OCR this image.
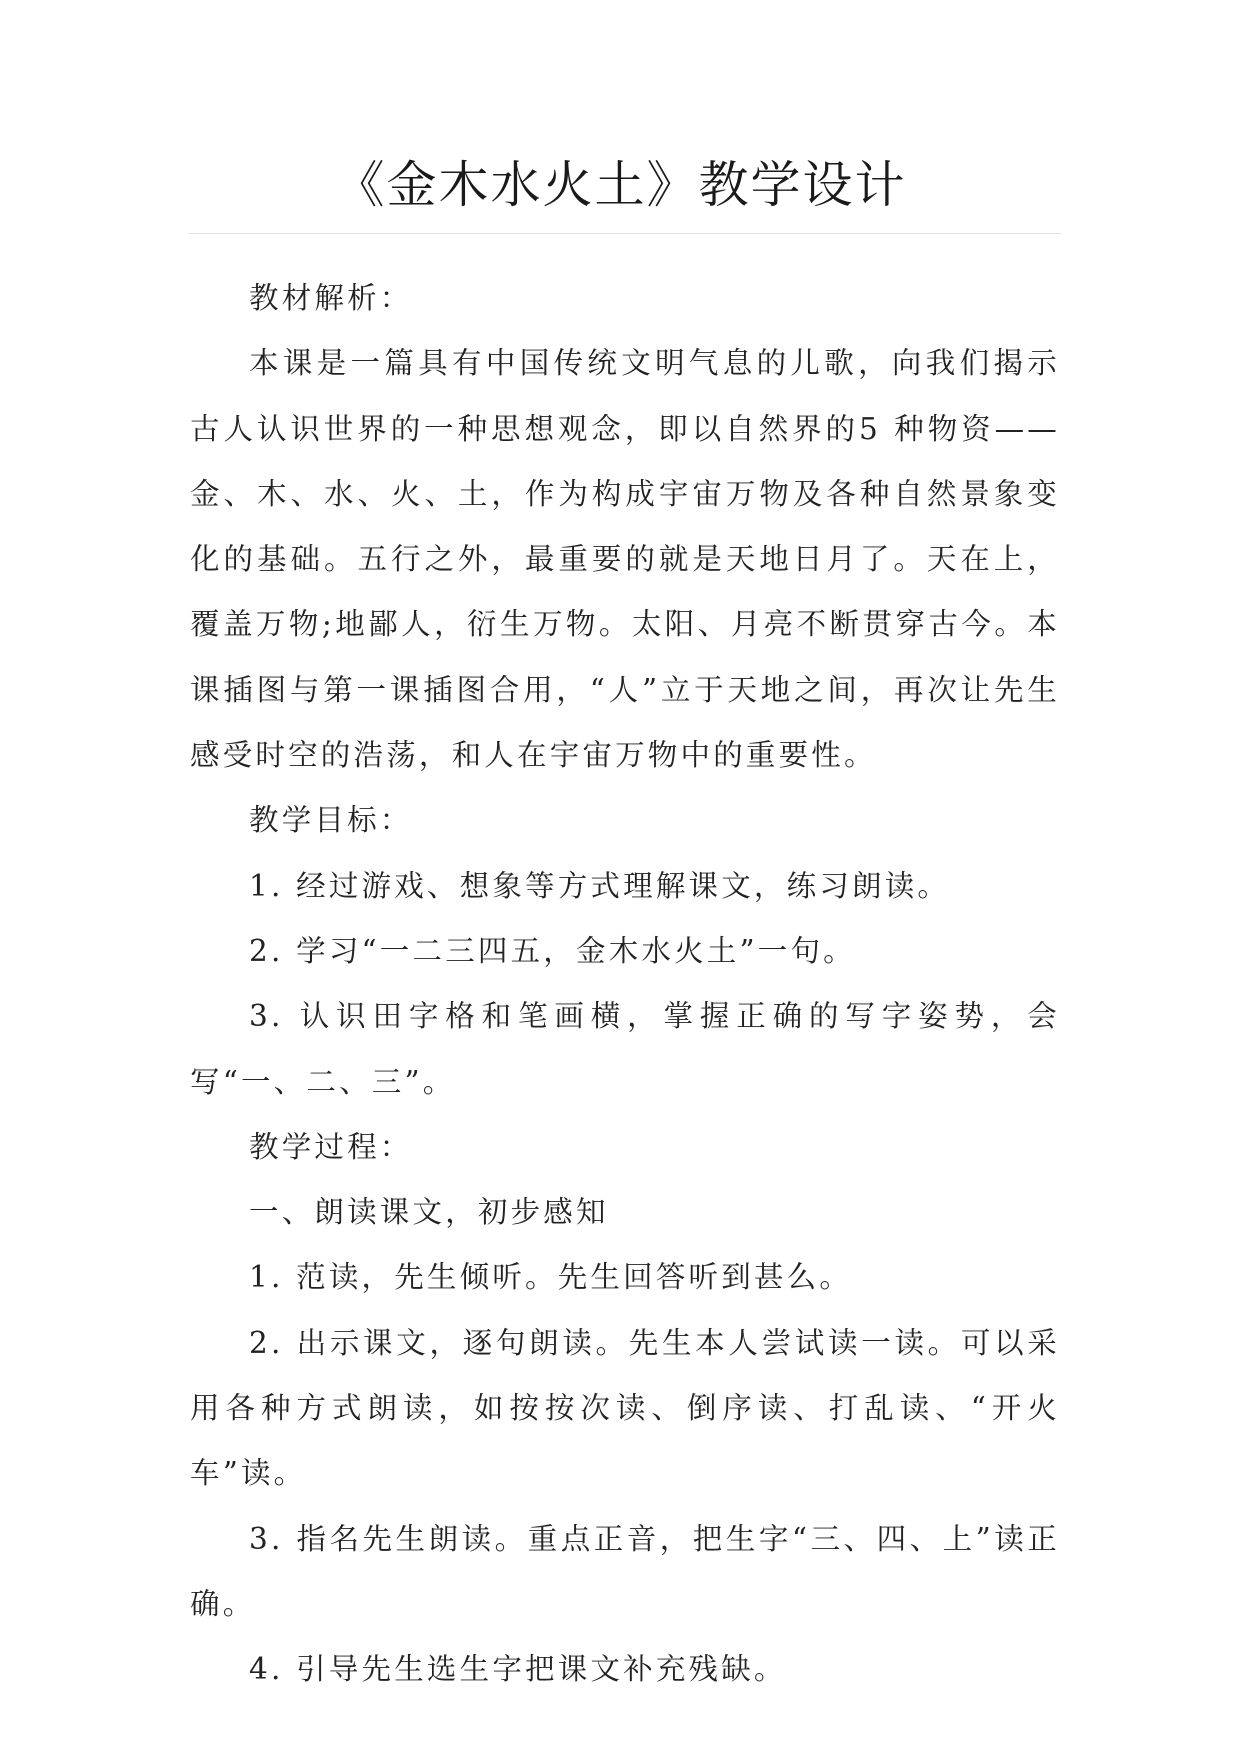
《金木水火土》教学设计

教材解析：

本课是一篇具有中国传统文明气息的儿歌，向我们揭示古人认识世界的一种思想观念，即以自然界的5 种物资——金、木、水、火、土，作为构成宇宙万物及各种自然景象变化的基础。五行之外，最重要的就是天地日月了。天在上，覆盖万物;地鄙人，衍生万物。太阳、月亮不断贯穿古今。本课插图与第一课插图合用，“人”立于天地之间，再次让先生感受时空的浩荡，和人在宇宙万物中的重要性。

教学目标：

1. 经过游戏、想象等方式理解课文，练习朗读。

2. 学习“一二三四五，金木水火土”一句。

3. 认识田字格和笔画横，掌握正确的写字姿势，会写“一、二、三”。

教学过程：

一、朗读课文，初步感知

1. 范读，先生倾听。先生回答听到甚么。

2. 出示课文，逐句朗读。先生本人尝试读一读。可以采用各种方式朗读，如按按次读、倒序读、打乱读、“开火车”读。

3. 指名先生朗读。重点正音，把生字“三、四、上”读正确。

4. 引导先生选生字把课文补充残缺。
